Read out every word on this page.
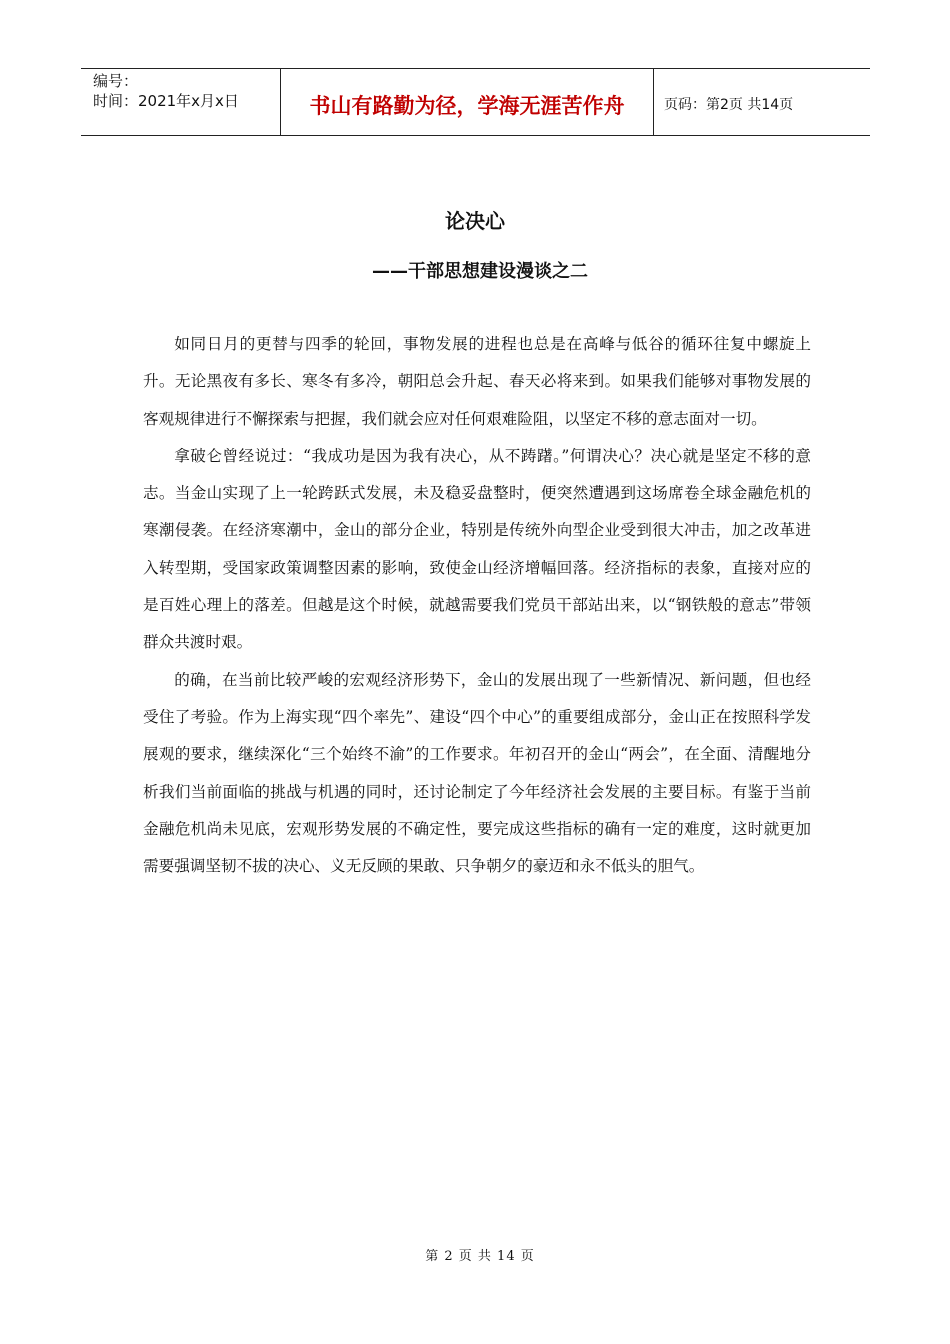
编号：
时间：2021年x月x日	书山有路勤为径，学海无涯苦作舟	页码：第2页 共14页
论决心
——干部思想建设漫谈之二

如同日月的更替与四季的轮回，事物发展的进程也总是在高峰与低谷的循环往复中螺旋上升。无论黑夜有多长、寒冬有多冷，朝阳总会升起、春天必将来到。如果我们能够对事物发展的客观规律进行不懈探索与把握，我们就会应对任何艰难险阻，以坚定不移的意志面对一切。

拿破仑曾经说过：“我成功是因为我有决心，从不踌躇。”何谓决心？决心就是坚定不移的意志。当金山实现了上一轮跨跃式发展，未及稳妥盘整时，便突然遭遇到这场席卷全球金融危机的寒潮侵袭。在经济寒潮中，金山的部分企业，特别是传统外向型企业受到很大冲击，加之改革进入转型期，受国家政策调整因素的影响，致使金山经济增幅回落。经济指标的表象，直接对应的是百姓心理上的落差。但越是这个时候，就越需要我们党员干部站出来，以“钢铁般的意志”带领群众共渡时艰。

的确，在当前比较严峻的宏观经济形势下，金山的发展出现了一些新情况、新问题，但也经受住了考验。作为上海实现“四个率先”、建设“四个中心”的重要组成部分，金山正在按照科学发展观的要求，继续深化“三个始终不渝”的工作要求。年初召开的金山“两会”，在全面、清醒地分析我们当前面临的挑战与机遇的同时，还讨论制定了今年经济社会发展的主要目标。有鉴于当前金融危机尚未见底，宏观形势发展的不确定性，要完成这些指标的确有一定的难度，这时就更加需要强调坚韧不拔的决心、义无反顾的果敢、只争朝夕的豪迈和永不低头的胆气。

第 2 页 共 14 页
